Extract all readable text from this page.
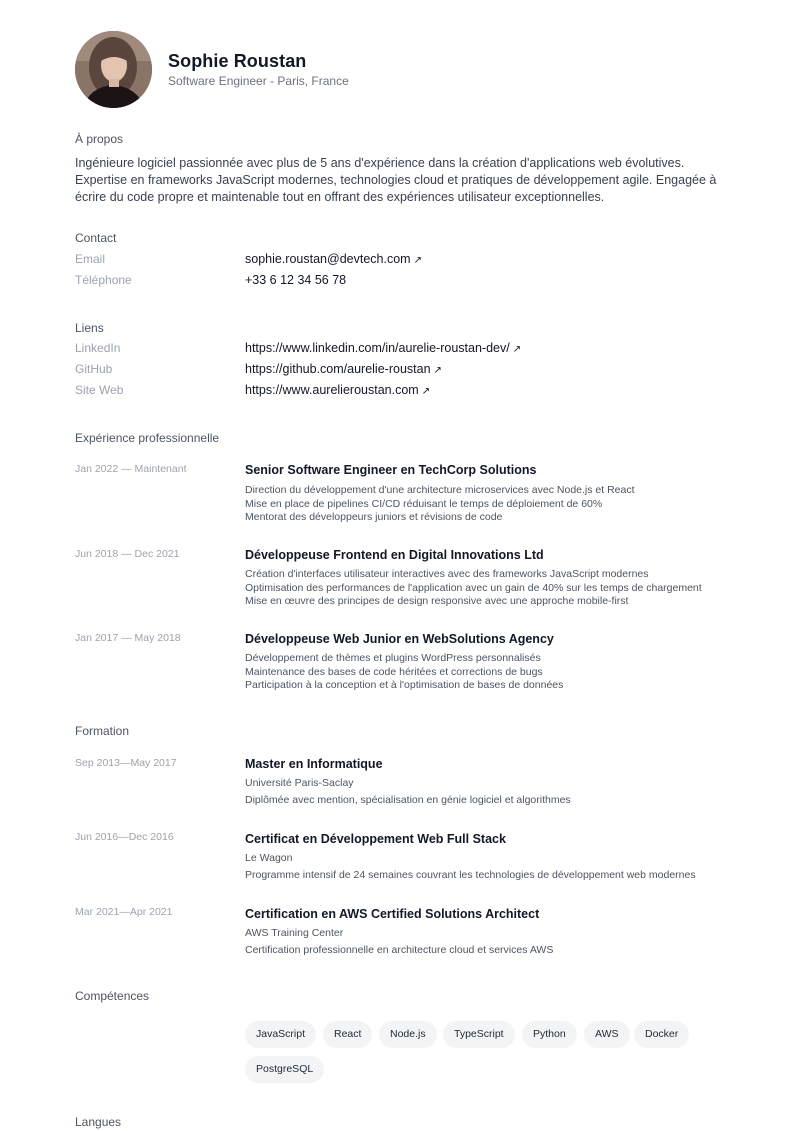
Sophie Roustan
Software Engineer - Paris, France
À propos
Ingénieure logiciel passionnée avec plus de 5 ans d'expérience dans la création d'applications web évolutives. Expertise en frameworks JavaScript modernes, technologies cloud et pratiques de développement agile. Engagée à écrire du code propre et maintenable tout en offrant des expériences utilisateur exceptionnelles.
Contact
Email	sophie.roustan@devtech.com ↗
Téléphone	+33 6 12 34 56 78
Liens
LinkedIn	https://www.linkedin.com/in/aurelie-roustan-dev/ ↗
GitHub	https://github.com/aurelie-roustan ↗
Site Web	https://www.aurelieroustan.com ↗
Expérience professionnelle
Jan 2022 — Maintenant	Senior Software Engineer en TechCorp Solutions
Direction du développement d'une architecture microservices avec Node.js et React
Mise en place de pipelines CI/CD réduisant le temps de déploiement de 60%
Mentorat des développeurs juniors et révisions de code
Jun 2018 — Dec 2021	Développeuse Frontend en Digital Innovations Ltd
Création d'interfaces utilisateur interactives avec des frameworks JavaScript modernes
Optimisation des performances de l'application avec un gain de 40% sur les temps de chargement
Mise en œuvre des principes de design responsive avec une approche mobile-first
Jan 2017 — May 2018	Développeuse Web Junior en WebSolutions Agency
Développement de thèmes et plugins WordPress personnalisés
Maintenance des bases de code héritées et corrections de bugs
Participation à la conception et à l'optimisation de bases de données
Formation
Sep 2013—May 2017	Master en Informatique
Université Paris-Saclay
Diplômée avec mention, spécialisation en génie logiciel et algorithmes
Jun 2016—Dec 2016	Certificat en Développement Web Full Stack
Le Wagon
Programme intensif de 24 semaines couvrant les technologies de développement web modernes
Mar 2021—Apr 2021	Certification en AWS Certified Solutions Architect
AWS Training Center
Certification professionnelle en architecture cloud et services AWS
Compétences
JavaScript	React	Node.js	TypeScript	Python	AWS	Docker
PostgreSQL
Langues
